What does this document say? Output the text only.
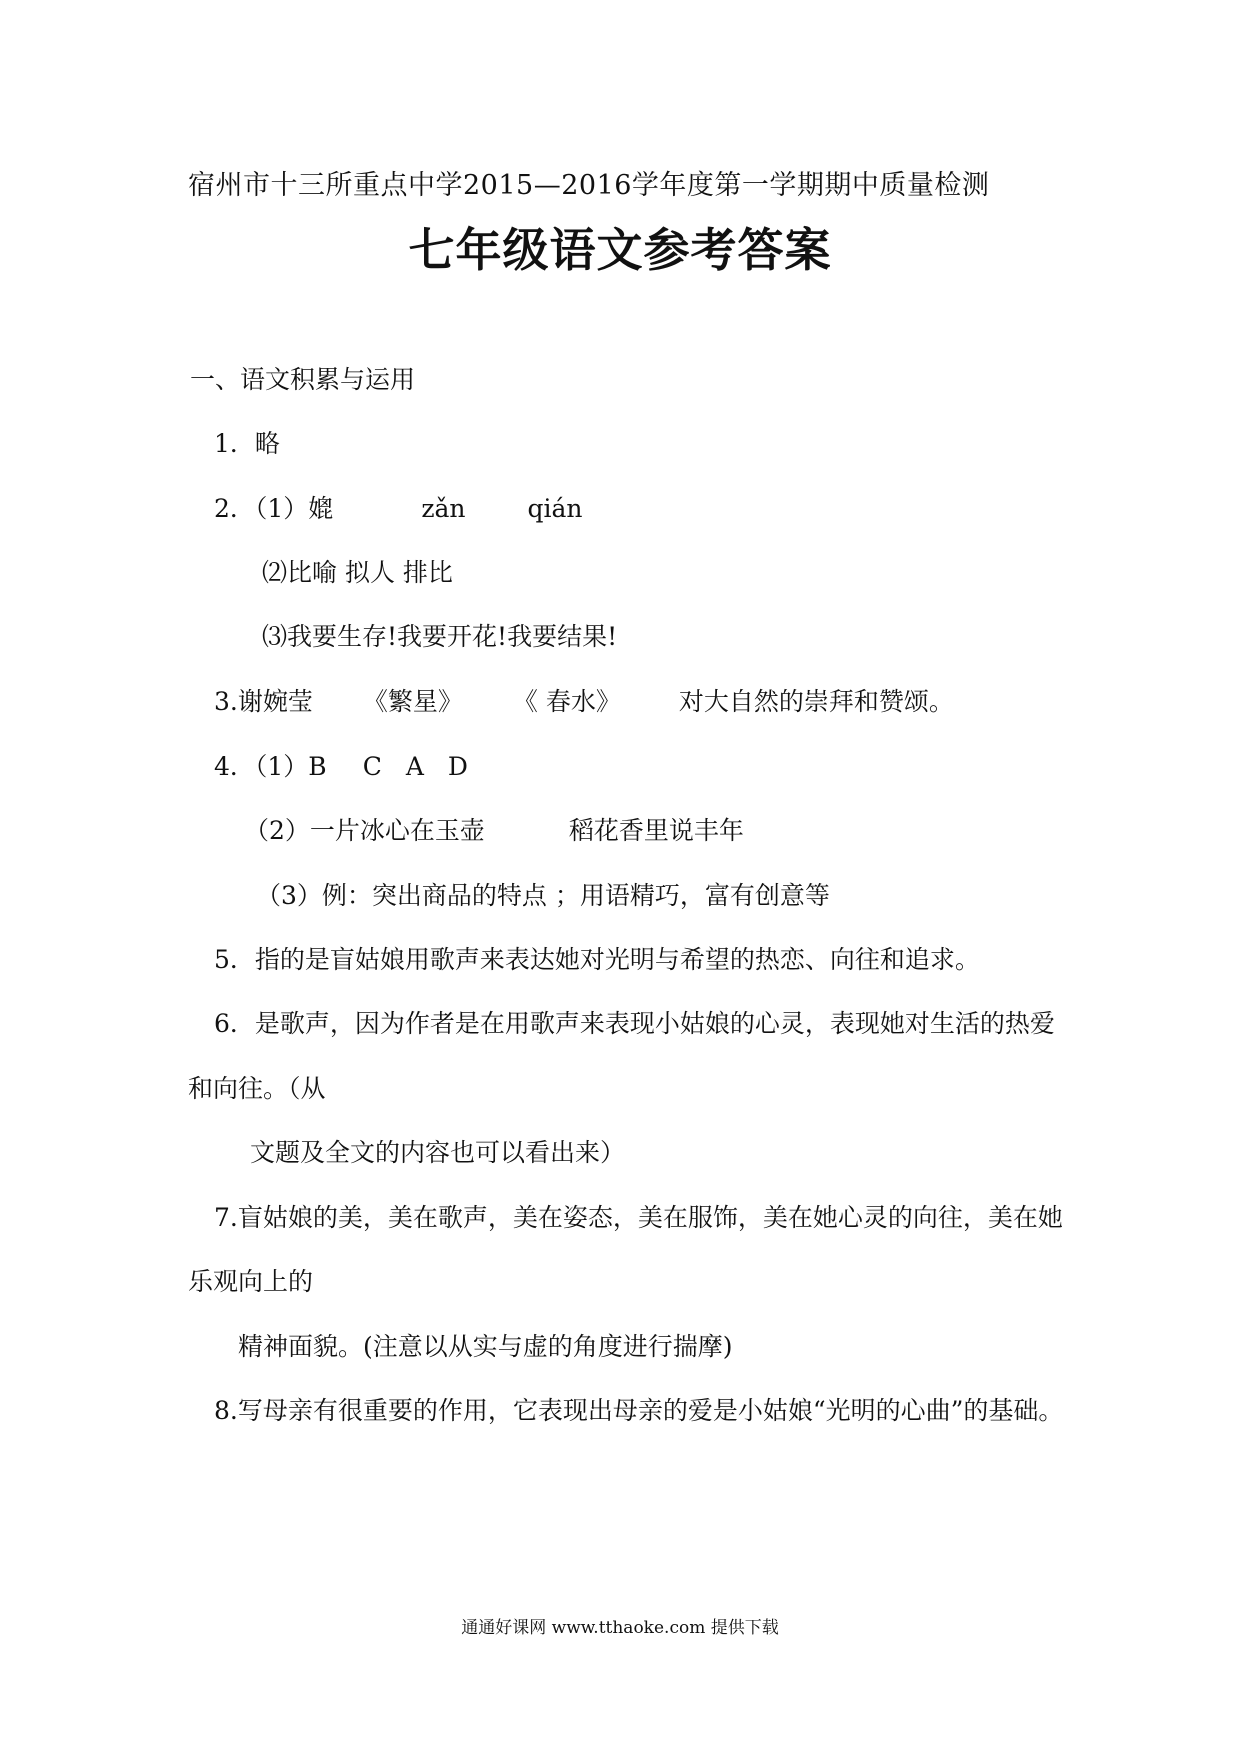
宿州市十三所重点中学2015—2016学年度第一学期期中质量检测
七年级语文参考答案
一、语文积累与运用
1．略
2．（1）媲	zǎn qián
⑵比喻 拟人 排比
⑶我要生存!我要开花!我要结果!
3.谢婉莹 《繁星》 《 春水》 对大自然的崇拜和赞颂。
4．（1）B C A D
（2）一片冰心在玉壶	稻花香里说丰年
（3）例：突出商品的特点 ；用语精巧，富有创意等
5．指的是盲姑娘用歌声来表达她对光明与希望的热恋、向往和追求。
6．是歌声，因为作者是在用歌声来表现小姑娘的心灵，表现她对生活的热爱
和向往。（从
文题及全文的内容也可以看出来）
7.盲姑娘的美，美在歌声，美在姿态，美在服饰，美在她心灵的向往，美在她
乐观向上的
精神面貌。(注意以从实与虚的角度进行揣摩)
8.写母亲有很重要的作用，它表现出母亲的爱是小姑娘“光明的心曲”的基础。
通通好课网 www.tthaoke.com 提供下载
